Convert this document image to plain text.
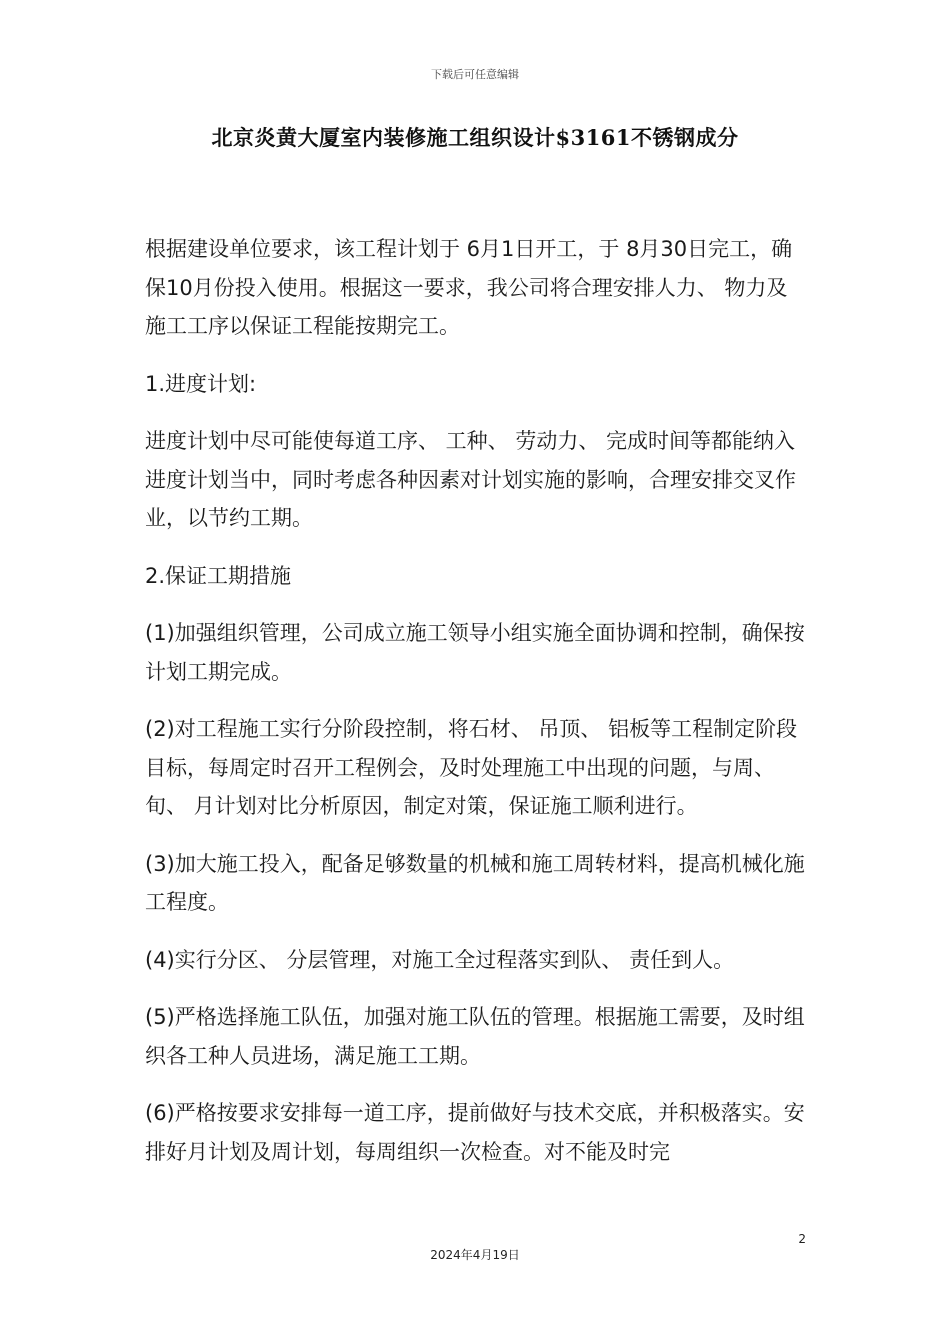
下载后可任意编辑
北京炎黄大厦室内装修施工组织设计$3161不锈钢成分

根据建设单位要求，该工程计划于 6月1日开工，于 8月30日完工，确保10月份投入使用。根据这一要求，我公司将合理安排人力、 物力及施工工序以保证工程能按期完工。

1.进度计划:

进度计划中尽可能使每道工序、 工种、 劳动力、 完成时间等都能纳入进度计划当中，同时考虑各种因素对计划实施的影响，合理安排交叉作业，以节约工期。

2.保证工期措施

(1)加强组织管理，公司成立施工领导小组实施全面协调和控制，确保按计划工期完成。

(2)对工程施工实行分阶段控制，将石材、 吊顶、 铝板等工程制定阶段目标，每周定时召开工程例会，及时处理施工中出现的问题，与周、 旬、 月计划对比分析原因，制定对策，保证施工顺利进行。

(3)加大施工投入，配备足够数量的机械和施工周转材料，提高机械化施工程度。

(4)实行分区、 分层管理，对施工全过程落实到队、 责任到人。

(5)严格选择施工队伍，加强对施工队伍的管理。根据施工需要，及时组织各工种人员进场，满足施工工期。

(6)严格按要求安排每一道工序，提前做好与技术交底，并积极落实。安排好月计划及周计划，每周组织一次检查。对不能及时完

2
2024年4月19日
